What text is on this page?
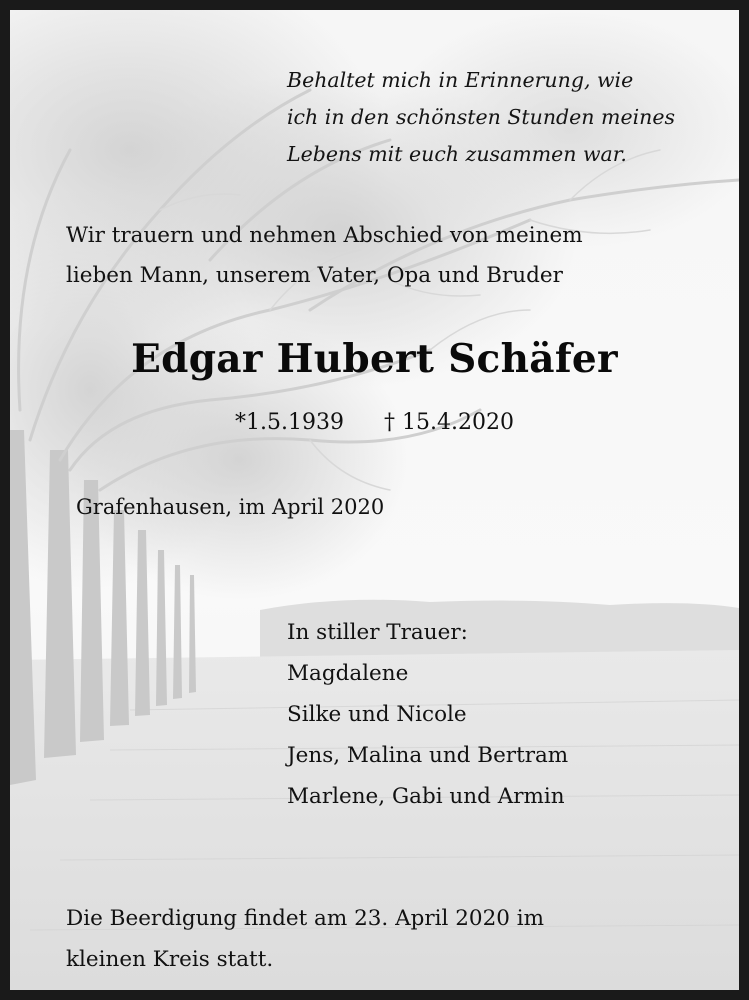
Behaltet mich in Erinnerung, wie
ich in den schönsten Stunden meines
Lebens mit euch zusammen war.
Wir trauern und nehmen Abschied von meinem
lieben Mann, unserem Vater, Opa und Bruder
Edgar Hubert Schäfer
*1.5.1939 † 15.4.2020
Grafenhausen, im April 2020
In stiller Trauer:
Magdalene
Silke und Nicole
Jens, Malina und Bertram
Marlene, Gabi und Armin
Die Beerdigung findet am 23. April 2020 im
kleinen Kreis statt.
